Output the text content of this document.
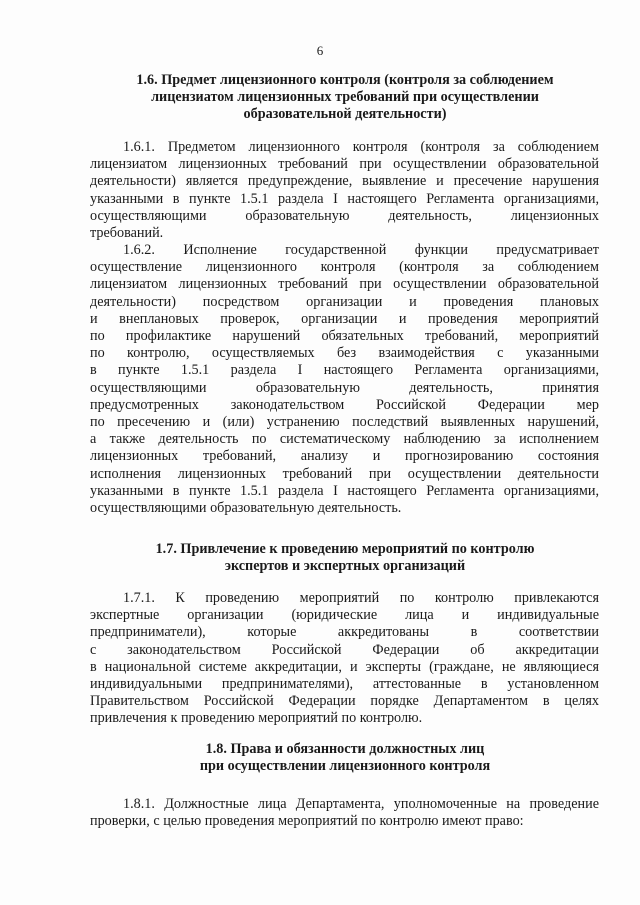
6
1.6. Предмет лицензионного контроля (контроля за соблюдением
лицензиатом лицензионных требований при осуществлении
образовательной деятельности)
1.6.1. Предметом лицензионного контроля (контроля за соблюдением
лицензиатом лицензионных требований при осуществлении образовательной
деятельности) является предупреждение, выявление и пресечение нарушения
указанными в пункте 1.5.1 раздела I настоящего Регламента организациями,
осуществляющими образовательную деятельность, лицензионных
требований.
1.6.2. Исполнение государственной функции предусматривает
осуществление лицензионного контроля (контроля за соблюдением
лицензиатом лицензионных требований при осуществлении образовательной
деятельности) посредством организации и проведения плановых
и внеплановых проверок, организации и проведения мероприятий
по профилактике нарушений обязательных требований, мероприятий
по контролю, осуществляемых без взаимодействия с указанными
в пункте 1.5.1 раздела I настоящего Регламента организациями,
осуществляющими образовательную деятельность, принятия
предусмотренных законодательством Российской Федерации мер
по пресечению и (или) устранению последствий выявленных нарушений,
а также деятельность по систематическому наблюдению за исполнением
лицензионных требований, анализу и прогнозированию состояния
исполнения лицензионных требований при осуществлении деятельности
указанными в пункте 1.5.1 раздела I настоящего Регламента организациями,
осуществляющими образовательную деятельность.
1.7. Привлечение к проведению мероприятий по контролю
экспертов и экспертных организаций
1.7.1. К проведению мероприятий по контролю привлекаются
экспертные организации (юридические лица и индивидуальные
предприниматели), которые аккредитованы в соответствии
с законодательством Российской Федерации об аккредитации
в национальной системе аккредитации, и эксперты (граждане, не являющиеся
индивидуальными предпринимателями), аттестованные в установленном
Правительством Российской Федерации порядке Департаментом в целях
привлечения к проведению мероприятий по контролю.
1.8. Права и обязанности должностных лиц
при осуществлении лицензионного контроля
1.8.1. Должностные лица Департамента, уполномоченные на проведение
проверки, с целью проведения мероприятий по контролю имеют право:
